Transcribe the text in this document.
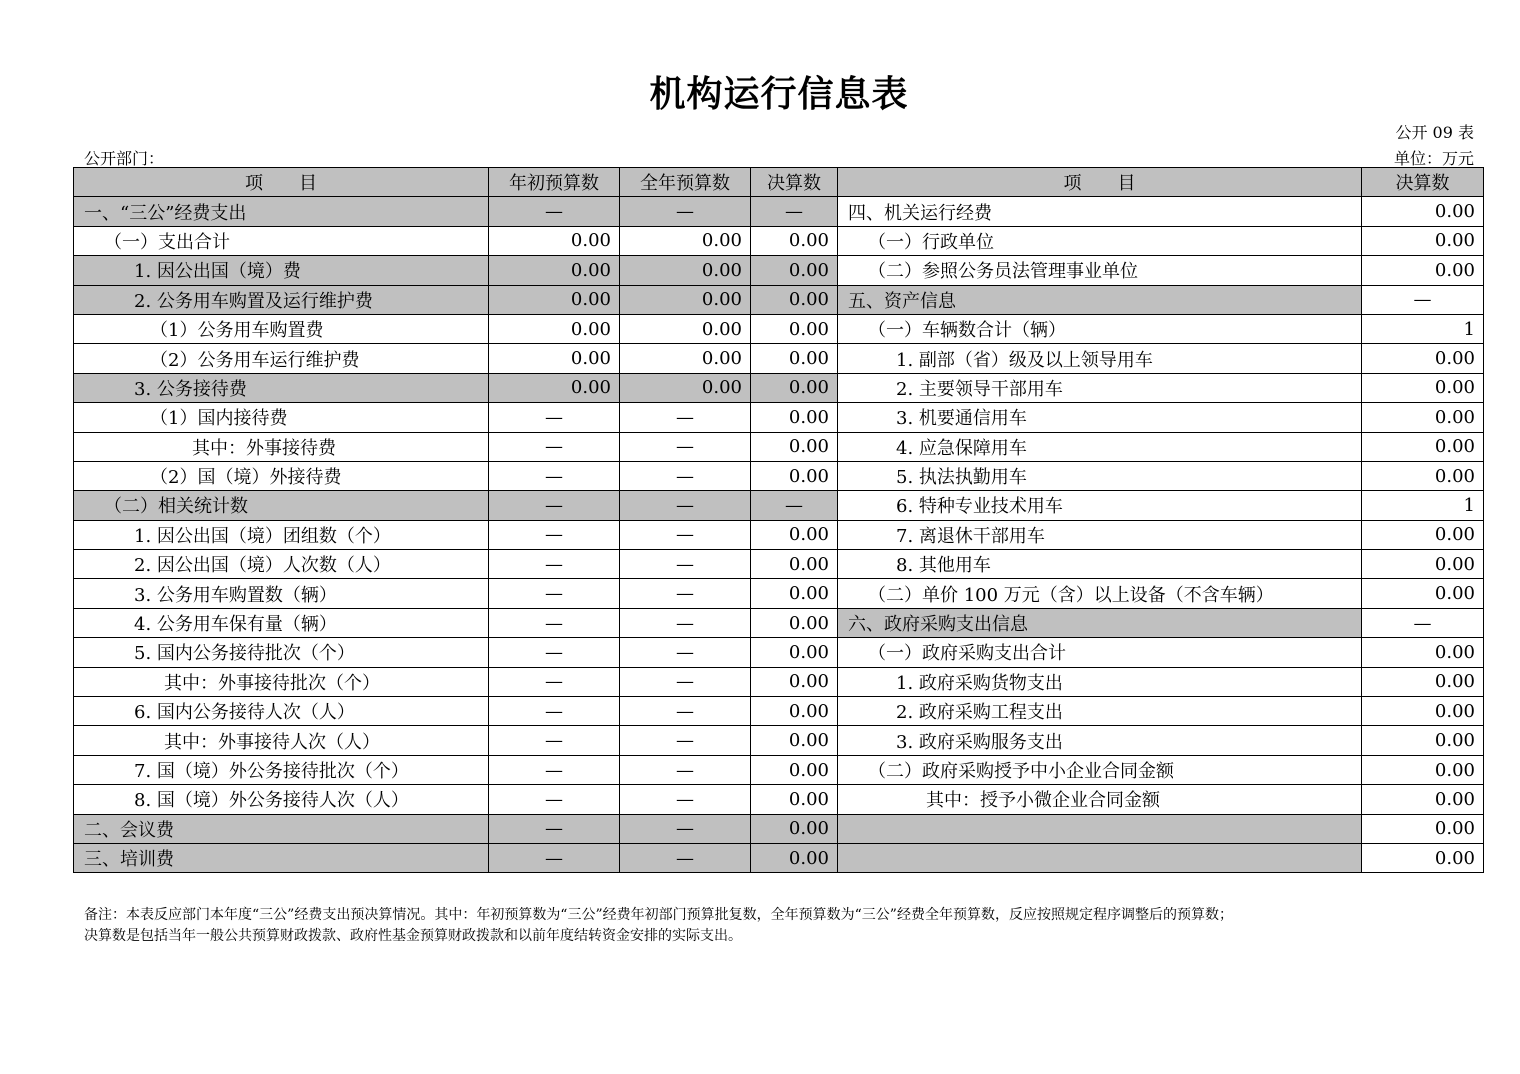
机构运行信息表
公开 09 表
公开部门：	单位：万元
项　　目	年初预算数	全年预算数	决算数	项　　目	决算数
一、“三公”经费支出	—	—	—	四、机关运行经费	0.00
（一）支出合计	0.00	0.00	0.00	（一）行政单位	0.00
1. 因公出国（境）费	0.00	0.00	0.00	（二）参照公务员法管理事业单位	0.00
2. 公务用车购置及运行维护费	0.00	0.00	0.00	五、资产信息	—
（1）公务用车购置费	0.00	0.00	0.00	（一）车辆数合计（辆）	1
（2）公务用车运行维护费	0.00	0.00	0.00	1. 副部（省）级及以上领导用车	0.00
3. 公务接待费	0.00	0.00	0.00	2. 主要领导干部用车	0.00
（1）国内接待费	—	—	0.00	3. 机要通信用车	0.00
其中：外事接待费	—	—	0.00	4. 应急保障用车	0.00
（2）国（境）外接待费	—	—	0.00	5. 执法执勤用车	0.00
（二）相关统计数	—	—	—	6. 特种专业技术用车	1
1. 因公出国（境）团组数（个）	—	—	0.00	7. 离退休干部用车	0.00
2. 因公出国（境）人次数（人）	—	—	0.00	8. 其他用车	0.00
3. 公务用车购置数（辆）	—	—	0.00	（二）单价 100 万元（含）以上设备（不含车辆）	0.00
4. 公务用车保有量（辆）	—	—	0.00	六、政府采购支出信息	—
5. 国内公务接待批次（个）	—	—	0.00	（一）政府采购支出合计	0.00
其中：外事接待批次（个）	—	—	0.00	1. 政府采购货物支出	0.00
6. 国内公务接待人次（人）	—	—	0.00	2. 政府采购工程支出	0.00
其中：外事接待人次（人）	—	—	0.00	3. 政府采购服务支出	0.00
7. 国（境）外公务接待批次（个）	—	—	0.00	（二）政府采购授予中小企业合同金额	0.00
8. 国（境）外公务接待人次（人）	—	—	0.00	其中：授予小微企业合同金额	0.00
二、会议费	—	—	0.00		0.00
三、培训费	—	—	0.00		0.00
备注：本表反应部门本年度“三公”经费支出预决算情况。其中：年初预算数为“三公”经费年初部门预算批复数，全年预算数为“三公”经费全年预算数，反应按照规定程序调整后的预算数；
决算数是包括当年一般公共预算财政拨款、政府性基金预算财政拨款和以前年度结转资金安排的实际支出。
